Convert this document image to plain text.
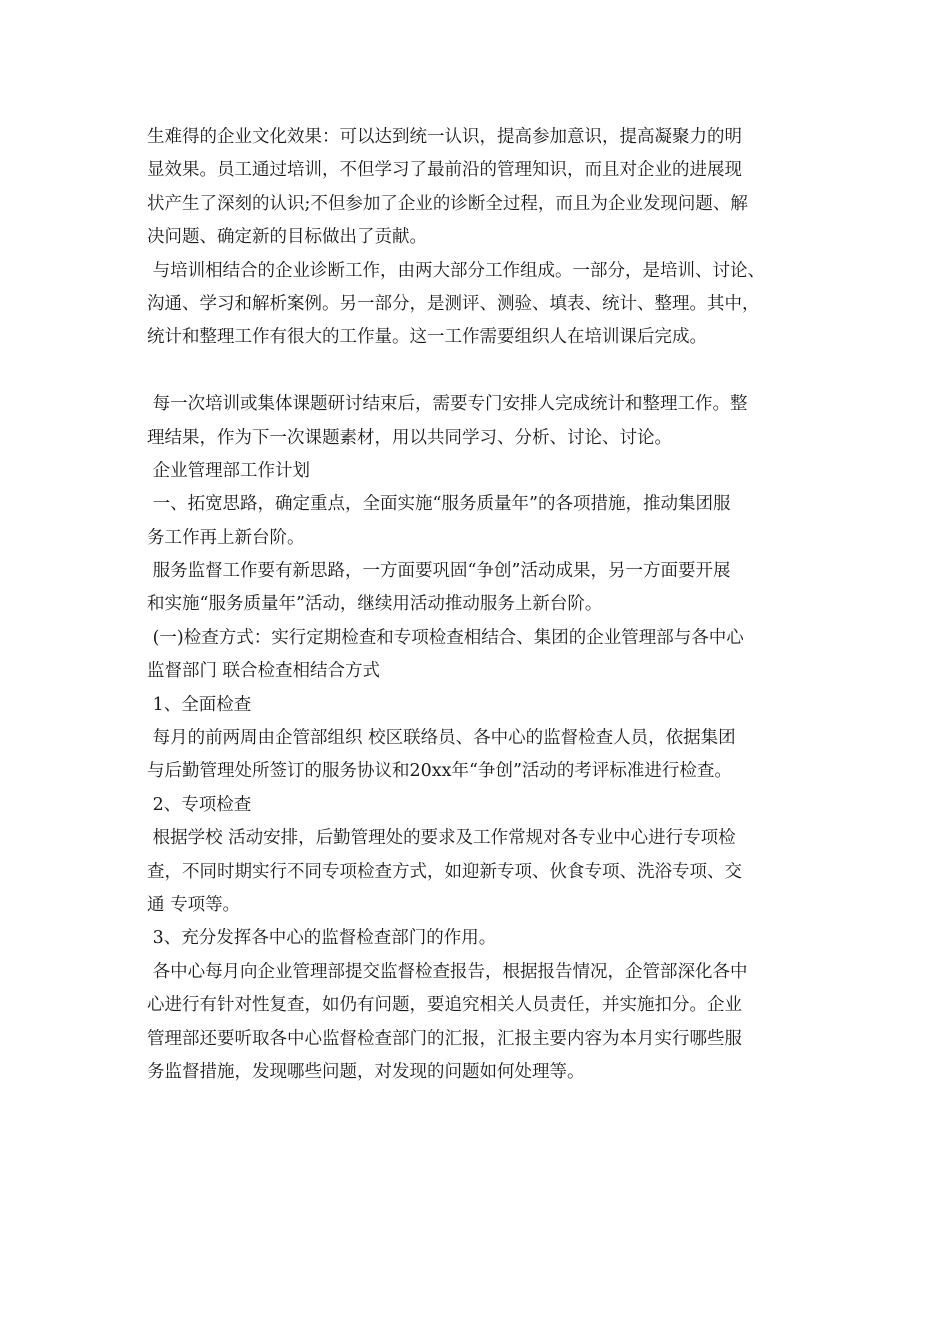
生难得的企业文化效果：可以达到统一认识，提高参加意识，提高凝聚力的明

显效果。员工通过培训，不但学习了最前沿的管理知识，而且对企业的进展现

状产生了深刻的认识;不但参加了企业的诊断全过程，而且为企业发现问题、解

决问题、确定新的目标做出了贡献。

与培训相结合的企业诊断工作，由两大部分工作组成。一部分，是培训、讨论、

沟通、学习和解析案例。另一部分，是测评、测验、填表、统计、整理。其中，

统计和整理工作有很大的工作量。这一工作需要组织人在培训课后完成。

每一次培训或集体课题研讨结束后，需要专门安排人完成统计和整理工作。整

理结果，作为下一次课题素材，用以共同学习、分析、讨论、讨论。

企业管理部工作计划

一、拓宽思路，确定重点，全面实施“服务质量年”的各项措施，推动集团服

务工作再上新台阶。

服务监督工作要有新思路，一方面要巩固“争创”活动成果，另一方面要开展

和实施“服务质量年”活动，继续用活动推动服务上新台阶。

(一)检查方式：实行定期检查和专项检查相结合、集团的企业管理部与各中心

监督部门 联合检查相结合方式

1、全面检查

每月的前两周由企管部组织 校区联络员、各中心的监督检查人员，依据集团

与后勤管理处所签订的服务协议和20xx年“争创”活动的考评标准进行检查。

2、专项检查

根据学校 活动安排，后勤管理处的要求及工作常规对各专业中心进行专项检

查，不同时期实行不同专项检查方式，如迎新专项、伙食专项、洗浴专项、交

通 专项等。

3、充分发挥各中心的监督检查部门的作用。

各中心每月向企业管理部提交监督检查报告，根据报告情况，企管部深化各中

心进行有针对性复查，如仍有问题，要追究相关人员责任，并实施扣分。企业

管理部还要听取各中心监督检查部门的汇报，汇报主要内容为本月实行哪些服

务监督措施，发现哪些问题，对发现的问题如何处理等。
